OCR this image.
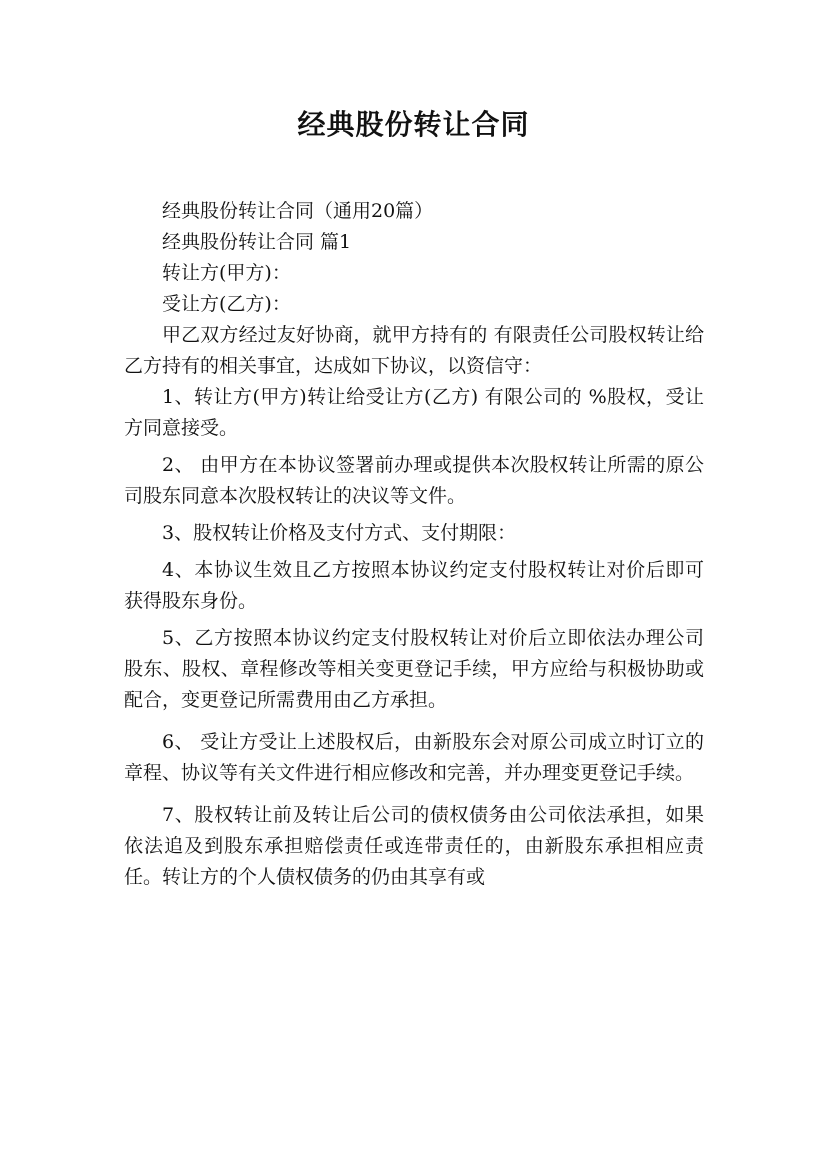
经典股份转让合同

经典股份转让合同（通用20篇）

经典股份转让合同 篇1

转让方(甲方)：

受让方(乙方)：

甲乙双方经过友好协商，就甲方持有的 有限责任公司股权转让给乙方持有的相关事宜，达成如下协议，以资信守：

1、转让方(甲方)转让给受让方(乙方) 有限公司的 %股权，受让方同意接受。

2、 由甲方在本协议签署前办理或提供本次股权转让所需的原公司股东同意本次股权转让的决议等文件。

3、股权转让价格及支付方式、支付期限：

4、本协议生效且乙方按照本协议约定支付股权转让对价后即可获得股东身份。

5、乙方按照本协议约定支付股权转让对价后立即依法办理公司股东、股权、章程修改等相关变更登记手续，甲方应给与积极协助或配合，变更登记所需费用由乙方承担。

6、 受让方受让上述股权后，由新股东会对原公司成立时订立的章程、协议等有关文件进行相应修改和完善，并办理变更登记手续。

7、股权转让前及转让后公司的债权债务由公司依法承担，如果依法追及到股东承担赔偿责任或连带责任的，由新股东承担相应责任。转让方的个人债权债务的仍由其享有或
